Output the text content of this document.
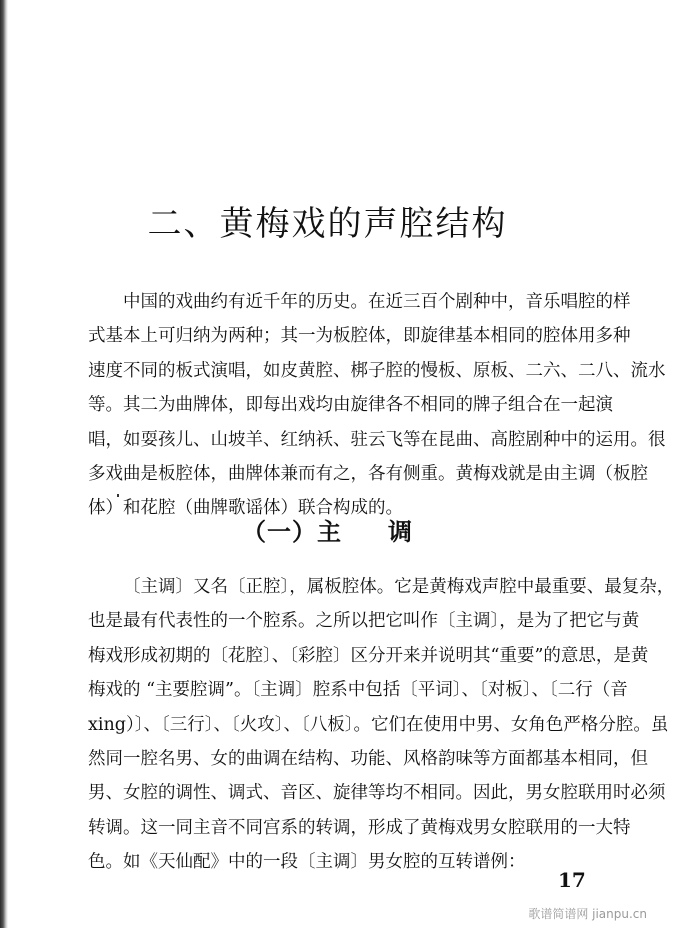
二、黄梅戏的声腔结构
中国的戏曲约有近千年的历史。在近三百个剧种中，音乐唱腔的样
式基本上可归纳为两种；其一为板腔体，即旋律基本相同的腔体用多种
速度不同的板式演唱，如皮黄腔、梆子腔的慢板、原板、二六、二八、流水
等。其二为曲牌体，即每出戏均由旋律各不相同的牌子组合在一起演
唱，如耍孩儿、山坡羊、红纳袄、驻云飞等在昆曲、高腔剧种中的运用。很
多戏曲是板腔体，曲牌体兼而有之，各有侧重。黄梅戏就是由主调（板腔
体）和花腔（曲牌歌谣体）联合构成的。
（一）主 调
〔主调〕又名〔正腔〕，属板腔体。它是黄梅戏声腔中最重要、最复杂，
也是最有代表性的一个腔系。之所以把它叫作〔主调〕，是为了把它与黄
梅戏形成初期的〔花腔〕、〔彩腔〕区分开来并说明其“重要”的意思，是黄
梅戏的 “主要腔调”。〔主调〕腔系中包括〔平词〕、〔对板〕、〔二行（音
xing）〕、〔三行〕、〔火攻〕、〔八板〕。它们在使用中男、女角色严格分腔。虽
然同一腔名男、女的曲调在结构、功能、风格韵味等方面都基本相同，但
男、女腔的调性、调式、音区、旋律等均不相同。因此，男女腔联用时必须
转调。这一同主音不同宫系的转调，形成了黄梅戏男女腔联用的一大特
色。如《天仙配》中的一段〔主调〕男女腔的互转谱例：
17
歌谱简谱网 jianpu.cn
